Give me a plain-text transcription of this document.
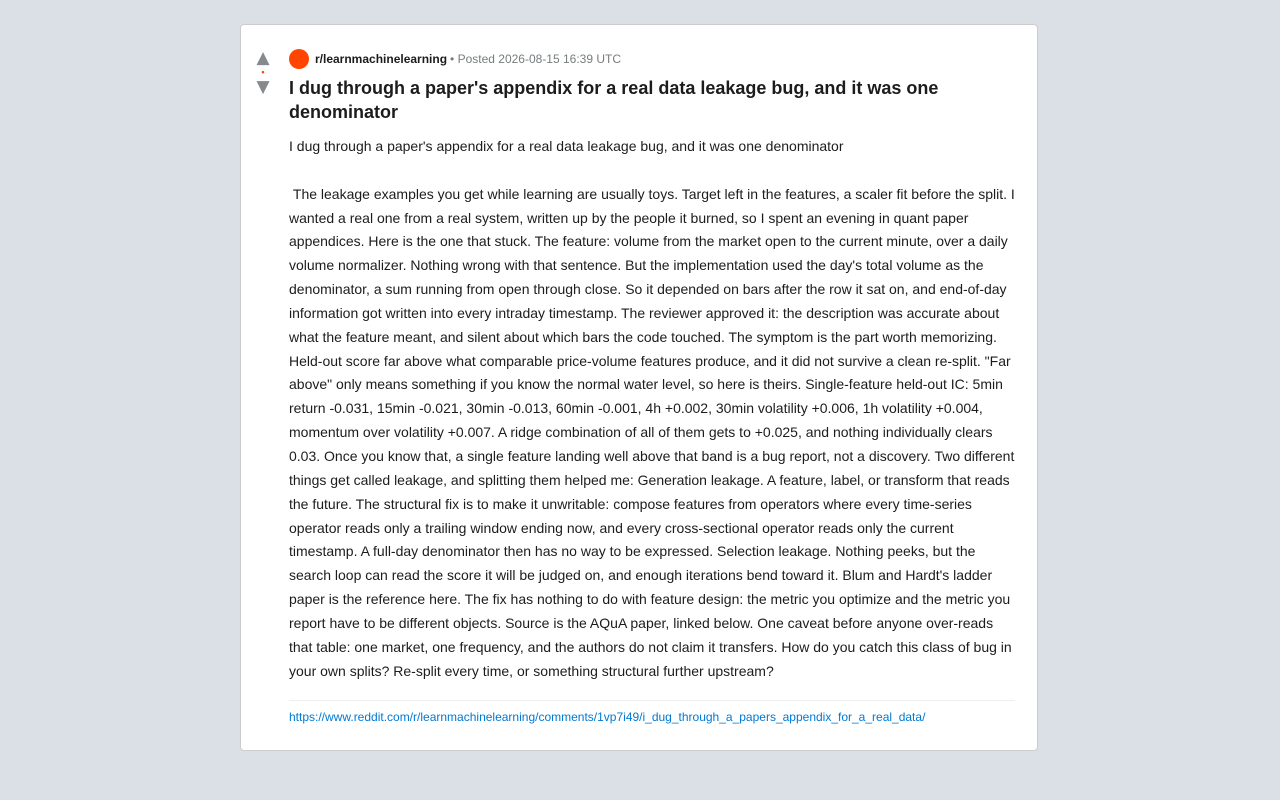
▲
•
▼
r/learnmachinelearning • Posted 2026-08-15 16:39 UTC
I dug through a paper's appendix for a real data leakage bug, and it was one denominator
I dug through a paper's appendix for a real data leakage bug, and it was one denominator

The leakage examples you get while learning are usually toys. Target left in the features, a scaler fit before the split. I wanted a real one from a real system, written up by the people it burned, so I spent an evening in quant paper appendices. Here is the one that stuck. The feature: volume from the market open to the current minute, over a daily volume normalizer. Nothing wrong with that sentence. But the implementation used the day's total volume as the denominator, a sum running from open through close. So it depended on bars after the row it sat on, and end-of-day information got written into every intraday timestamp. The reviewer approved it: the description was accurate about what the feature meant, and silent about which bars the code touched. The symptom is the part worth memorizing. Held-out score far above what comparable price-volume features produce, and it did not survive a clean re-split. "Far above" only means something if you know the normal water level, so here is theirs. Single-feature held-out IC: 5min return -0.031, 15min -0.021, 30min -0.013, 60min -0.001, 4h +0.002, 30min volatility +0.006, 1h volatility +0.004, momentum over volatility +0.007. A ridge combination of all of them gets to +0.025, and nothing individually clears 0.03. Once you know that, a single feature landing well above that band is a bug report, not a discovery. Two different things get called leakage, and splitting them helped me: Generation leakage. A feature, label, or transform that reads the future. The structural fix is to make it unwritable: compose features from operators where every time-series operator reads only a trailing window ending now, and every cross-sectional operator reads only the current timestamp. A full-day denominator then has no way to be expressed. Selection leakage. Nothing peeks, but the search loop can read the score it will be judged on, and enough iterations bend toward it. Blum and Hardt's ladder paper is the reference here. The fix has nothing to do with feature design: the metric you optimize and the metric you report have to be different objects. Source is the AQuA paper, linked below. One caveat before anyone over-reads that table: one market, one frequency, and the authors do not claim it transfers. How do you catch this class of bug in your own splits? Re-split every time, or something structural further upstream?
https://www.reddit.com/r/learnmachinelearning/comments/1vp7i49/i_dug_through_a_papers_appendix_for_a_real_data/
